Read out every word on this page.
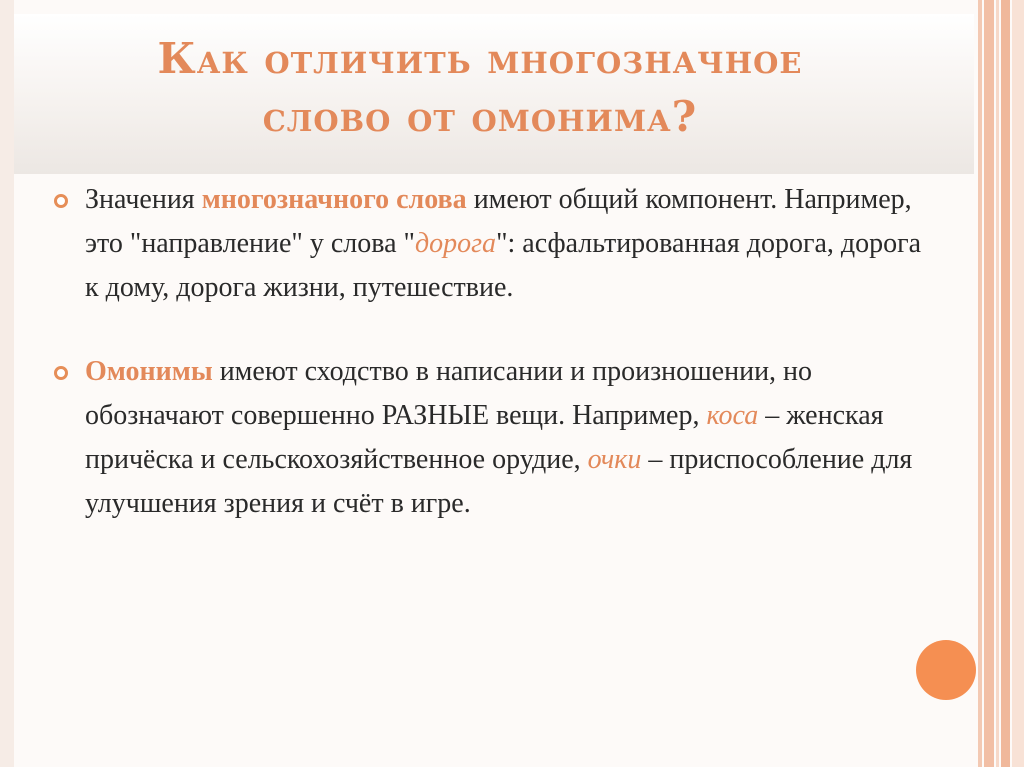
Как отличить многозначное
слово от омонима?
Значения многозначного слова имеют общий компонент. Например, это "направление" у слова "дорога": асфальтированная дорога, дорога к дому, дорога жизни, путешествие.
Омонимы имеют сходство в написании и произношении, но обозначают совершенно РАЗНЫЕ вещи. Например, коса – женская причёска и сельскохозяйственное орудие, очки – приспособление для улучшения зрения и счёт в игре.
